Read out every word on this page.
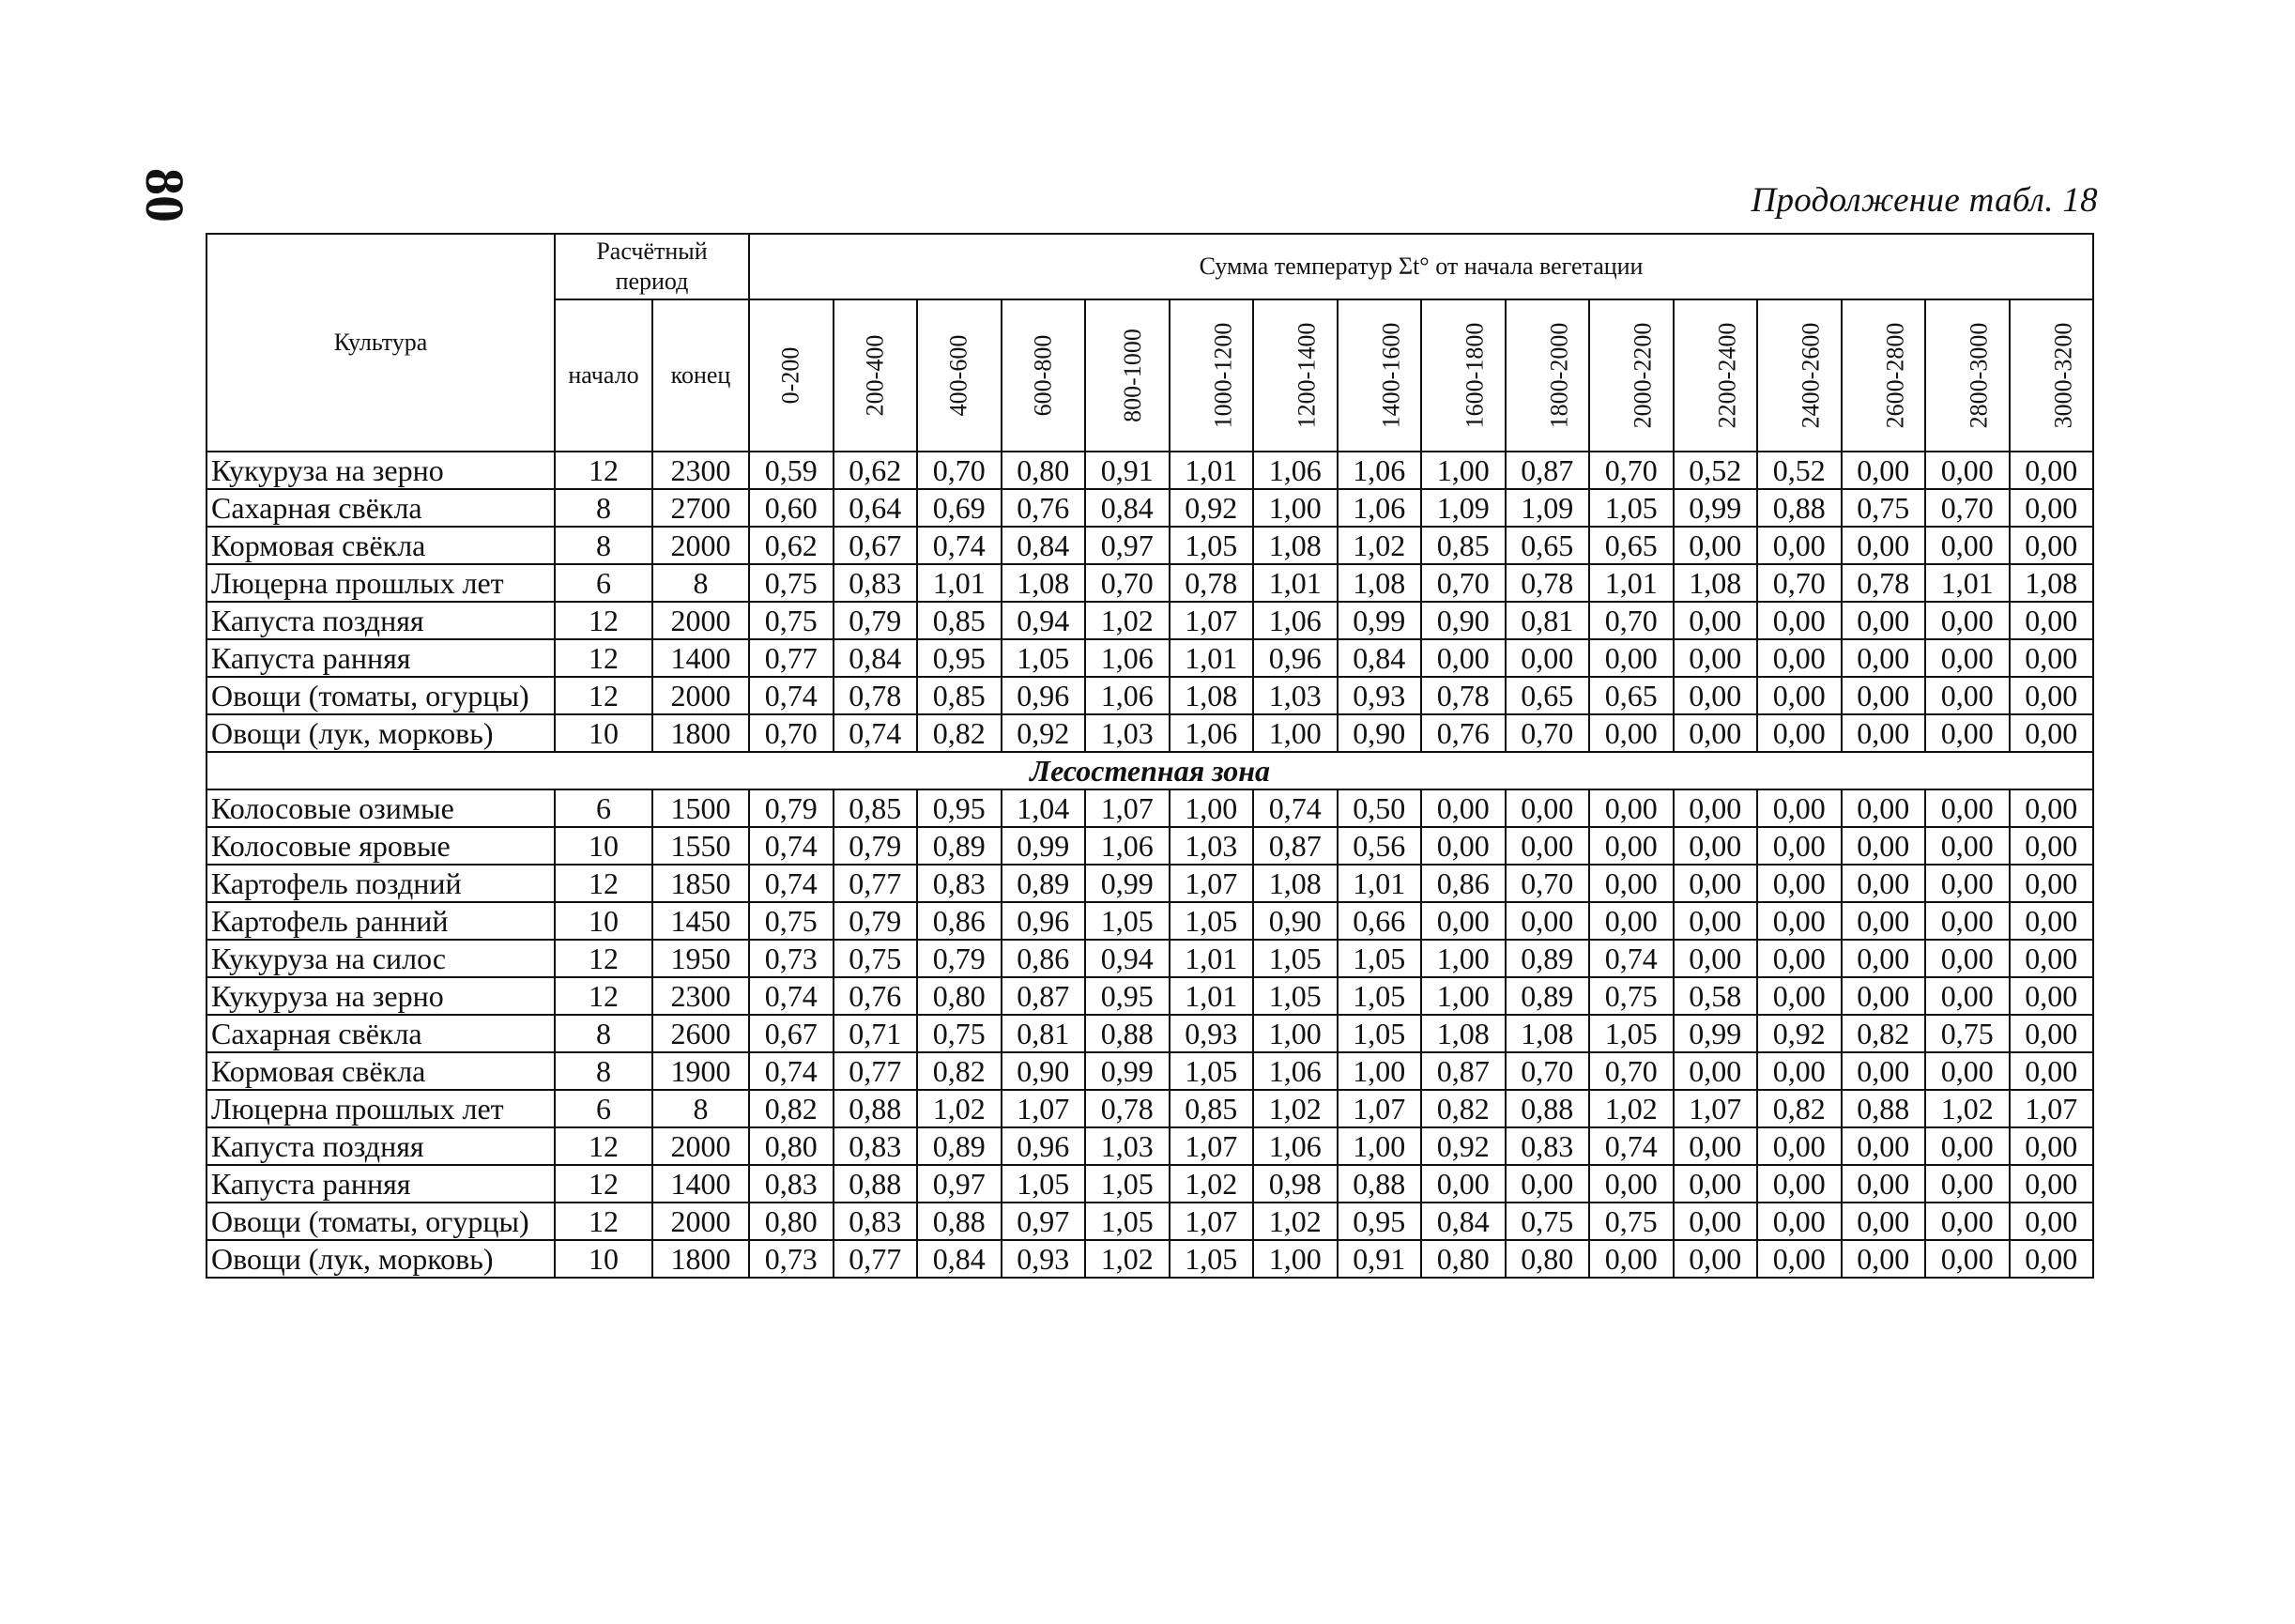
80	Продолжение табл. 18
Культура	Расчётный период		Сумма температур Σt° от начала вегетации															
	начало	конец	0-200	200-400	400-600	600-800	800-1000	1000-1200	1200-1400	1400-1600	1600-1800	1800-2000	2000-2200	2200-2400	2400-2600	2600-2800	2800-3000	3000-3200
Кукуруза на зерно	12	2300	0,59	0,62	0,70	0,80	0,91	1,01	1,06	1,06	1,00	0,87	0,70	0,52	0,52	0,00	0,00	0,00
Сахарная свёкла	8	2700	0,60	0,64	0,69	0,76	0,84	0,92	1,00	1,06	1,09	1,09	1,05	0,99	0,88	0,75	0,70	0,00
Кормовая свёкла	8	2000	0,62	0,67	0,74	0,84	0,97	1,05	1,08	1,02	0,85	0,65	0,65	0,00	0,00	0,00	0,00	0,00
Люцерна прошлых лет	6	8	0,75	0,83	1,01	1,08	0,70	0,78	1,01	1,08	0,70	0,78	1,01	1,08	0,70	0,78	1,01	1,08
Капуста поздняя	12	2000	0,75	0,79	0,85	0,94	1,02	1,07	1,06	0,99	0,90	0,81	0,70	0,00	0,00	0,00	0,00	0,00
Капуста ранняя	12	1400	0,77	0,84	0,95	1,05	1,06	1,01	0,96	0,84	0,00	0,00	0,00	0,00	0,00	0,00	0,00	0,00
Овощи (томаты, огурцы)	12	2000	0,74	0,78	0,85	0,96	1,06	1,08	1,03	0,93	0,78	0,65	0,65	0,00	0,00	0,00	0,00	0,00
Овощи (лук, морковь)	10	1800	0,70	0,74	0,82	0,92	1,03	1,06	1,00	0,90	0,76	0,70	0,00	0,00	0,00	0,00	0,00	0,00
Лесостепная зона																		
Колосовые озимые	6	1500	0,79	0,85	0,95	1,04	1,07	1,00	0,74	0,50	0,00	0,00	0,00	0,00	0,00	0,00	0,00	0,00
Колосовые яровые	10	1550	0,74	0,79	0,89	0,99	1,06	1,03	0,87	0,56	0,00	0,00	0,00	0,00	0,00	0,00	0,00	0,00
Картофель поздний	12	1850	0,74	0,77	0,83	0,89	0,99	1,07	1,08	1,01	0,86	0,70	0,00	0,00	0,00	0,00	0,00	0,00
Картофель ранний	10	1450	0,75	0,79	0,86	0,96	1,05	1,05	0,90	0,66	0,00	0,00	0,00	0,00	0,00	0,00	0,00	0,00
Кукуруза на силос	12	1950	0,73	0,75	0,79	0,86	0,94	1,01	1,05	1,05	1,00	0,89	0,74	0,00	0,00	0,00	0,00	0,00
Кукуруза на зерно	12	2300	0,74	0,76	0,80	0,87	0,95	1,01	1,05	1,05	1,00	0,89	0,75	0,58	0,00	0,00	0,00	0,00
Сахарная свёкла	8	2600	0,67	0,71	0,75	0,81	0,88	0,93	1,00	1,05	1,08	1,08	1,05	0,99	0,92	0,82	0,75	0,00
Кормовая свёкла	8	1900	0,74	0,77	0,82	0,90	0,99	1,05	1,06	1,00	0,87	0,70	0,70	0,00	0,00	0,00	0,00	0,00
Люцерна прошлых лет	6	8	0,82	0,88	1,02	1,07	0,78	0,85	1,02	1,07	0,82	0,88	1,02	1,07	0,82	0,88	1,02	1,07
Капуста поздняя	12	2000	0,80	0,83	0,89	0,96	1,03	1,07	1,06	1,00	0,92	0,83	0,74	0,00	0,00	0,00	0,00	0,00
Капуста ранняя	12	1400	0,83	0,88	0,97	1,05	1,05	1,02	0,98	0,88	0,00	0,00	0,00	0,00	0,00	0,00	0,00	0,00
Овощи (томаты, огурцы)	12	2000	0,80	0,83	0,88	0,97	1,05	1,07	1,02	0,95	0,84	0,75	0,75	0,00	0,00	0,00	0,00	0,00
Овощи (лук, морковь)	10	1800	0,73	0,77	0,84	0,93	1,02	1,05	1,00	0,91	0,80	0,80	0,00	0,00	0,00	0,00	0,00	0,00
